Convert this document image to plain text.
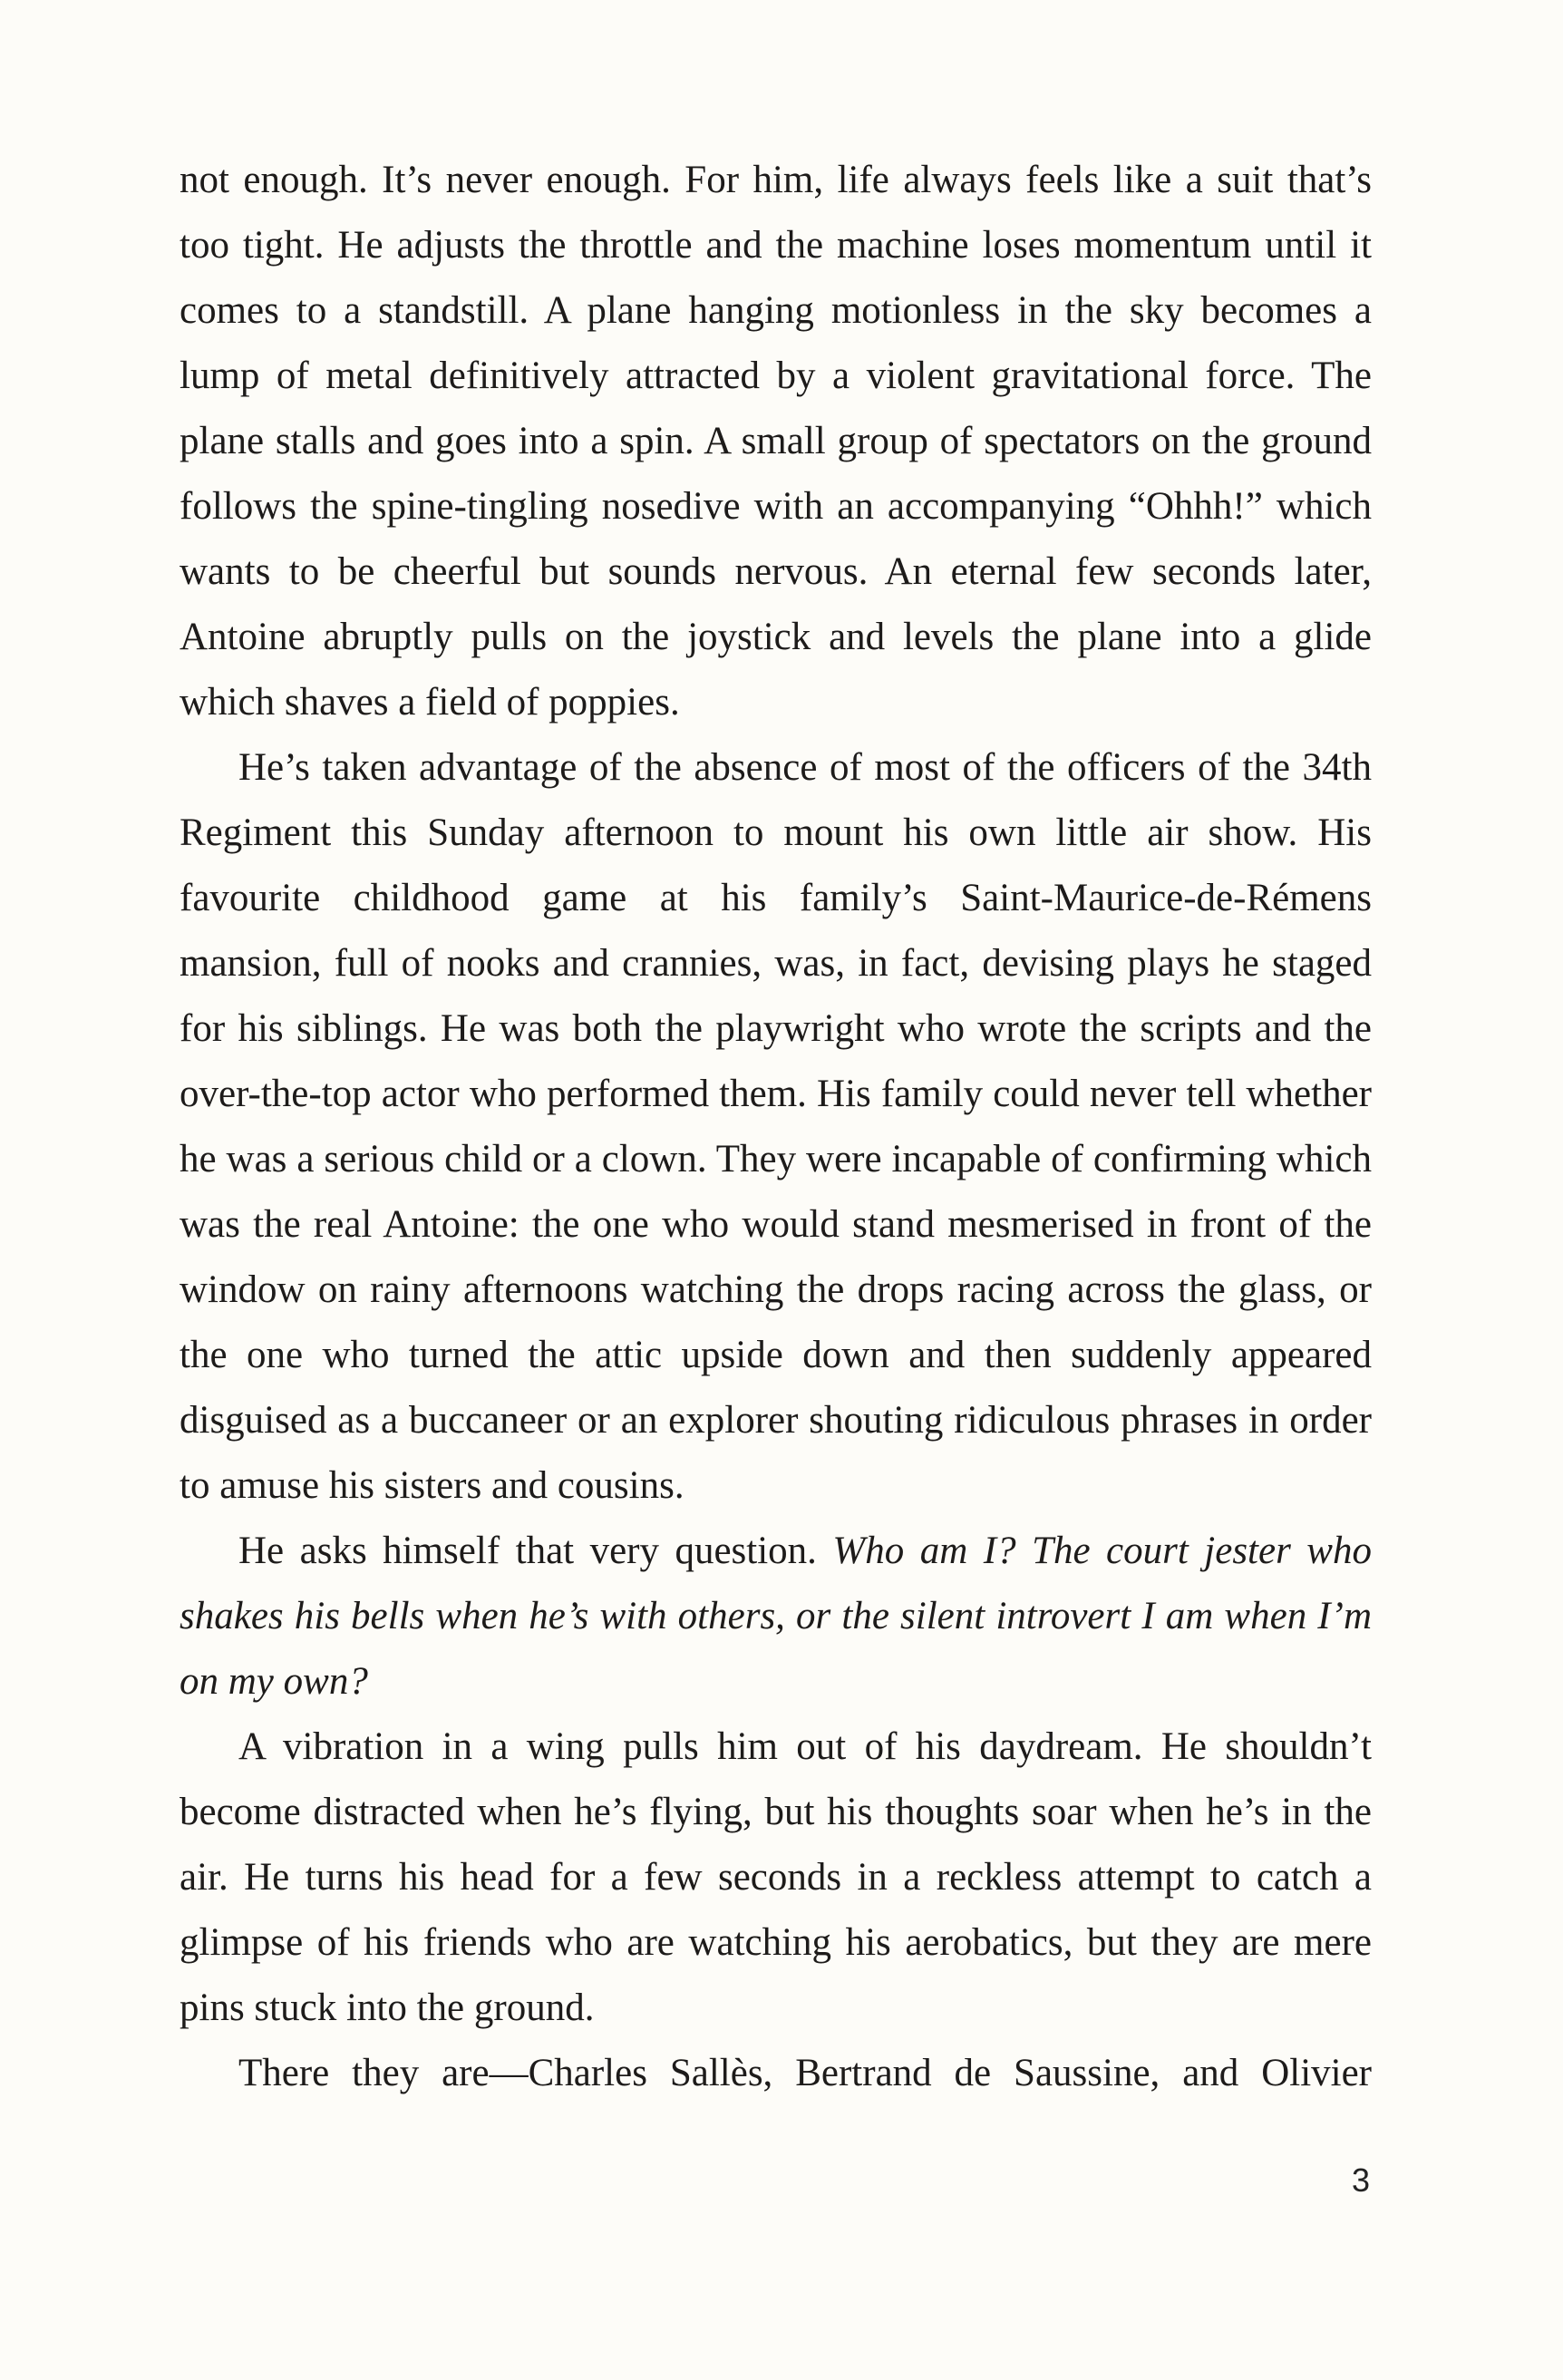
not enough. It’s never enough. For him, life always feels like a suit that’s too tight. He adjusts the throttle and the machine loses momentum until it comes to a standstill. A plane hanging motionless in the sky becomes a lump of metal definitively attracted by a violent gravitational force. The plane stalls and goes into a spin. A small group of spectators on the ground follows the spine-tingling nosedive with an accompanying “Ohhh!” which wants to be cheerful but sounds nervous. An eternal few seconds later, Antoine abruptly pulls on the joystick and levels the plane into a glide which shaves a field of poppies.

He’s taken advantage of the absence of most of the officers of the 34th Regiment this Sunday afternoon to mount his own little air show. His favourite childhood game at his family’s Saint-Maurice-de-Rémens mansion, full of nooks and crannies, was, in fact, devising plays he staged for his siblings. He was both the playwright who wrote the scripts and the over-the-top actor who performed them. His family could never tell whether he was a serious child or a clown. They were incapable of confirming which was the real Antoine: the one who would stand mesmerised in front of the window on rainy afternoons watching the drops racing across the glass, or the one who turned the attic upside down and then suddenly appeared disguised as a buccaneer or an explorer shouting ridiculous phrases in order to amuse his sisters and cousins.

He asks himself that very question. Who am I? The court jester who shakes his bells when he’s with others, or the silent introvert I am when I’m on my own?

A vibration in a wing pulls him out of his daydream. He shouldn’t become distracted when he’s flying, but his thoughts soar when he’s in the air. He turns his head for a few seconds in a reckless attempt to catch a glimpse of his friends who are watching his aerobatics, but they are mere pins stuck into the ground.

There they are—Charles Sallès, Bertrand de Saussine, and Olivier

3
